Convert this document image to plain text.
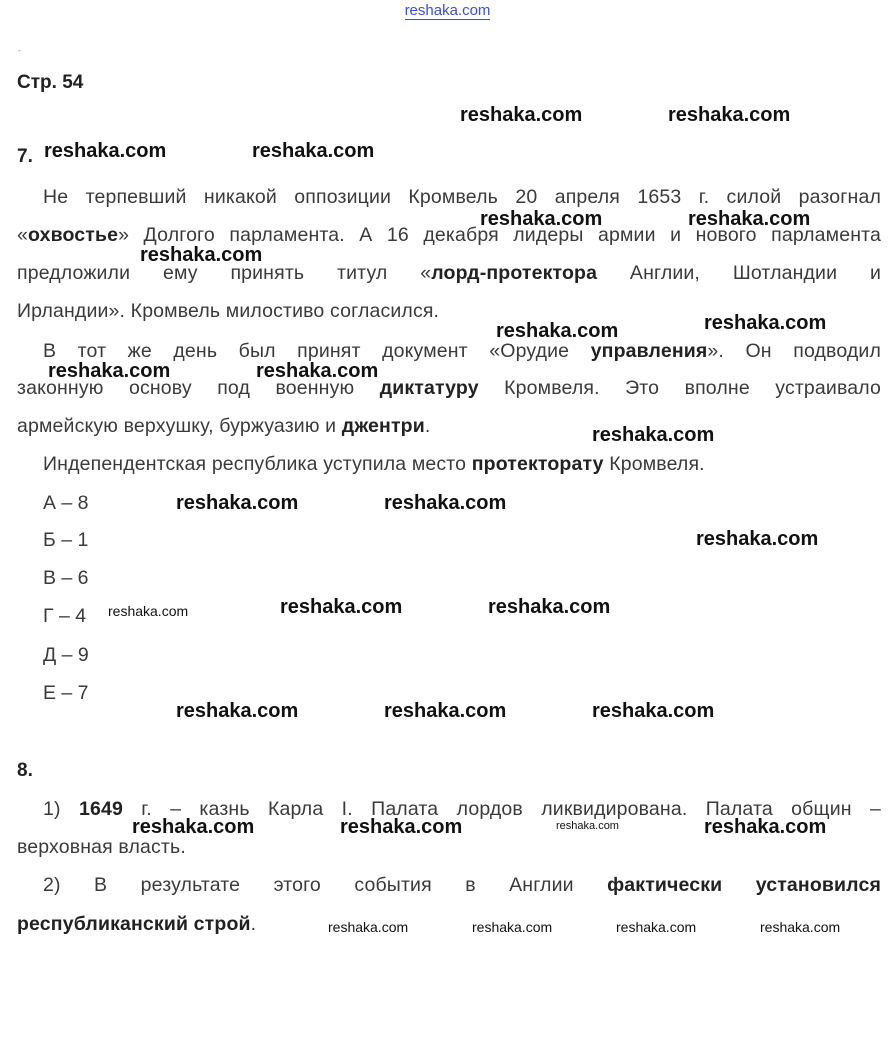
reshaka.com
-
Стр. 54
7.
Не терпевший никакой оппозиции Кромвель 20 апреля 1653 г. силой разогнал
«охвостье» Долгого парламента. А 16 декабря лидеры армии и нового парламента
предложили ему принять титул «лорд-протектора Англии, Шотландии и
Ирландии». Кромвель милостиво согласился.
В тот же день был принят документ «Орудие управления». Он подводил
законную основу под военную диктатуру Кромвеля. Это вполне устраивало
армейскую верхушку, буржуазию и джентри.
Индепендентская республика уступила место протекторату Кромвеля.
А – 8
Б – 1
В – 6
Г – 4
Д – 9
Е – 7
8.
1) 1649 г. – казнь Карла I. Палата лордов ликвидирована. Палата общин –
верховная власть.
2) В результате этого события в Англии фактически установился
республиканский строй.
reshaka.com	reshaka.com
reshaka.com	reshaka.com
reshaka.com	reshaka.com
reshaka.com
reshaka.com	reshaka.com
reshaka.com	reshaka.com
reshaka.com
reshaka.com	reshaka.com
reshaka.com
reshaka.com	reshaka.com	reshaka.com
reshaka.com	reshaka.com	reshaka.com
reshaka.com	reshaka.com	reshaka.com	reshaka.com
reshaka.com	reshaka.com	reshaka.com	reshaka.com
